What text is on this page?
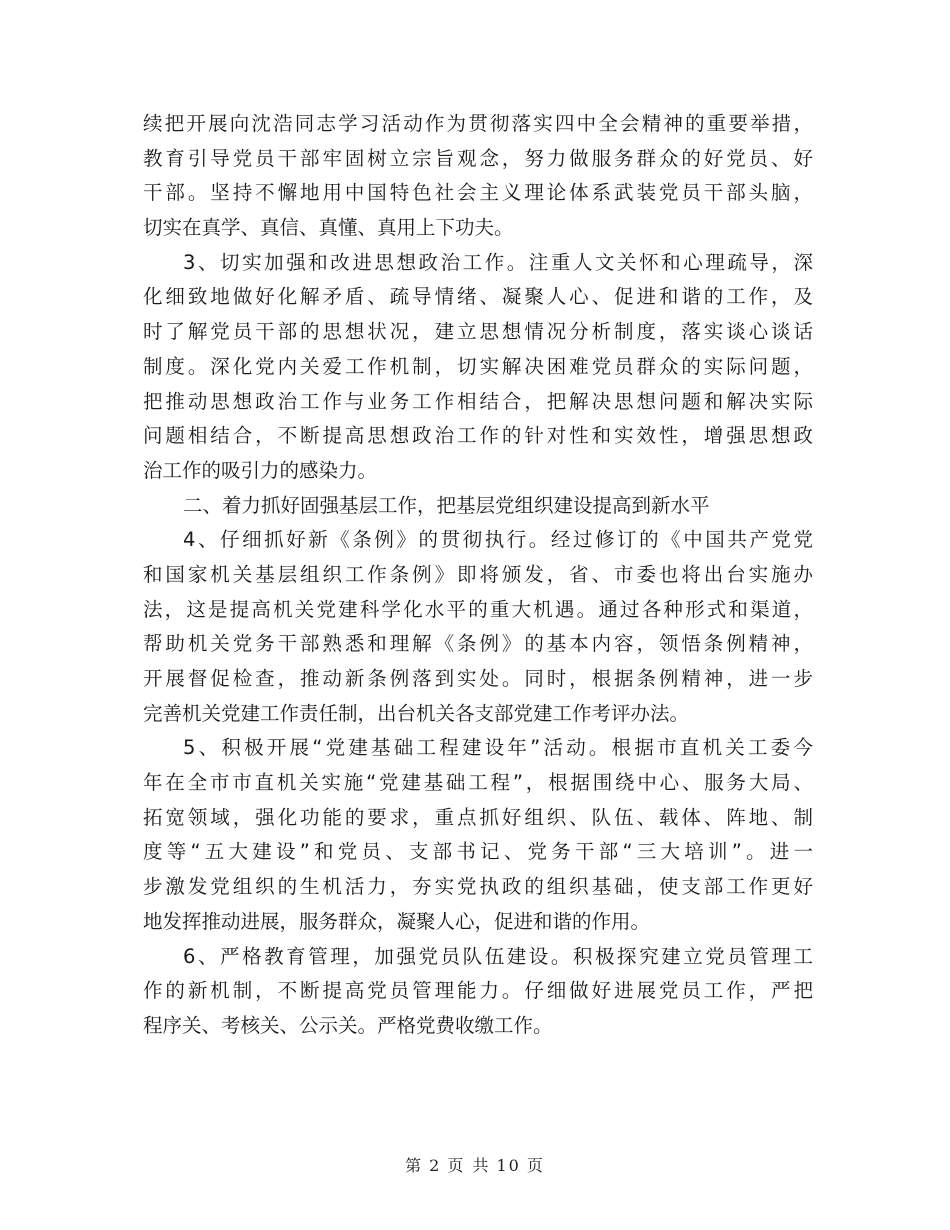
续把开展向沈浩同志学习活动作为贯彻落实四中全会精神的重要举措，
教育引导党员干部牢固树立宗旨观念，努力做服务群众的好党员、好
干部。坚持不懈地用中国特色社会主义理论体系武装党员干部头脑，
切实在真学、真信、真懂、真用上下功夫。
3、切实加强和改进思想政治工作。注重人文关怀和心理疏导，深
化细致地做好化解矛盾、疏导情绪、凝聚人心、促进和谐的工作，及
时了解党员干部的思想状况，建立思想情况分析制度，落实谈心谈话
制度。深化党内关爱工作机制，切实解决困难党员群众的实际问题，
把推动思想政治工作与业务工作相结合，把解决思想问题和解决实际
问题相结合，不断提高思想政治工作的针对性和实效性，增强思想政
治工作的吸引力的感染力。
二、着力抓好固强基层工作，把基层党组织建设提高到新水平
4、仔细抓好新《条例》的贯彻执行。经过修订的《中国共产党党
和国家机关基层组织工作条例》即将颁发，省、市委也将出台实施办
法，这是提高机关党建科学化水平的重大机遇。通过各种形式和渠道，
帮助机关党务干部熟悉和理解《条例》的基本内容，领悟条例精神，
开展督促检查，推动新条例落到实处。同时，根据条例精神，进一步
完善机关党建工作责任制，出台机关各支部党建工作考评办法。
5、积极开展“党建基础工程建设年”活动。根据市直机关工委今
年在全市市直机关实施“党建基础工程”，根据围绕中心、服务大局、
拓宽领域，强化功能的要求，重点抓好组织、队伍、载体、阵地、制
度等“五大建设”和党员、支部书记、党务干部“三大培训”。进一
步激发党组织的生机活力，夯实党执政的组织基础，使支部工作更好
地发挥推动进展，服务群众，凝聚人心，促进和谐的作用。
6、严格教育管理，加强党员队伍建设。积极探究建立党员管理工
作的新机制，不断提高党员管理能力。仔细做好进展党员工作，严把
程序关、考核关、公示关。严格党费收缴工作。
第 2 页 共 10 页
